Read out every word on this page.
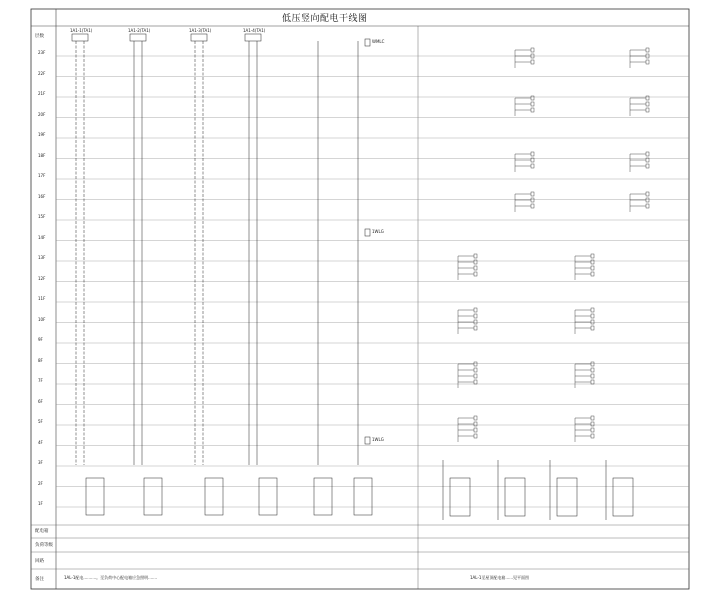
低压竖向配电干线图
层数
23F
22F
21F
20F
19F
18F
17F
16F
15F
14F
13F
12F
11F
10F
9F
8F
7F
6F
5F
4F
3F
2F
1F
1A1-1(TA1)	1A1-2(TA1)	1A1-3(TA1)	1A1-4(TA1)
WMLC
1WLG
1WLG
配电箱
负荷等级
回路
备注	1AL-1配电..........。至负荷中心配电箱应急照明.......	1AL-1至屋顶配电箱......见平面图
